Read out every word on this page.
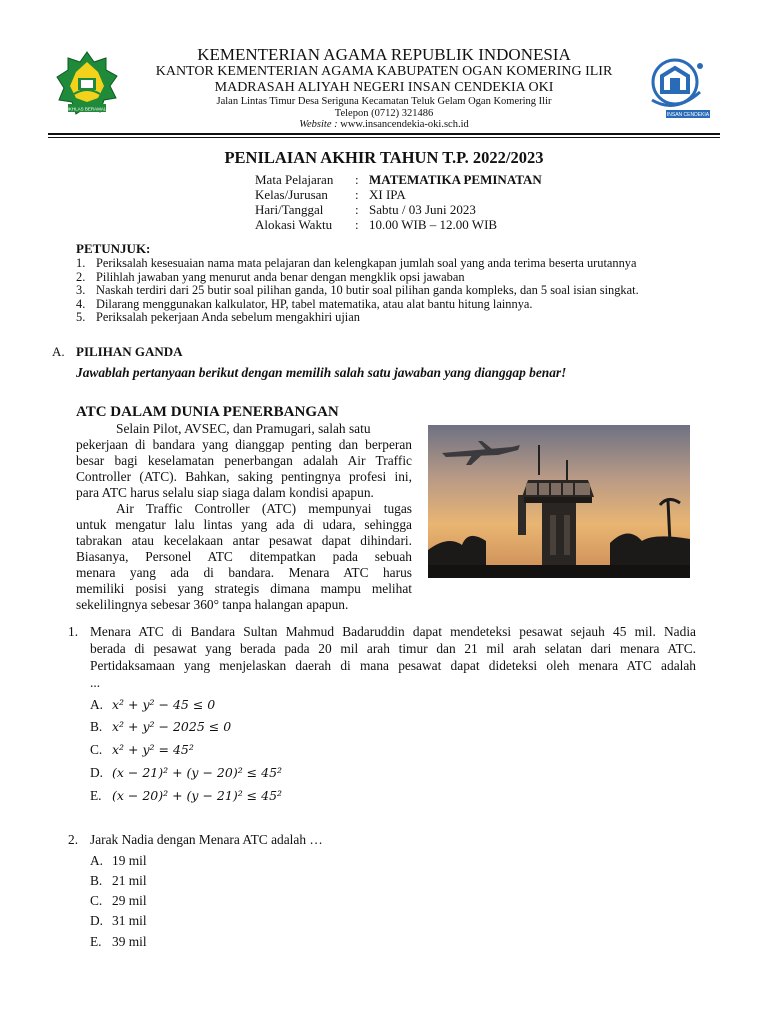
IKHLAS BERAMAL
INSAN CENDEKIA
KEMENTERIAN AGAMA REPUBLIK INDONESIA
KANTOR KEMENTERIAN AGAMA KABUPATEN OGAN KOMERING ILIR
MADRASAH ALIYAH NEGERI INSAN CENDEKIA OKI
Jalan Lintas Timur Desa Seriguna Kecamatan Teluk Gelam Ogan Komering Ilir
Telepon (0712) 321486
Website : www.insancendekia-oki.sch.id
PENILAIAN AKHIR TAHUN T.P. 2022/2023
Mata Pelajaran	: MATEMATIKA PEMINATAN
Kelas/Jurusan	: XI IPA
Hari/Tanggal	: Sabtu / 03 Juni 2023
Alokasi Waktu	: 10.00 WIB – 12.00 WIB
PETUNJUK:
1. Periksalah kesesuaian nama mata pelajaran dan kelengkapan jumlah soal yang anda terima beserta urutannya
2. Pilihlah jawaban yang menurut anda benar dengan mengklik opsi jawaban
3. Naskah terdiri dari 25 butir soal pilihan ganda, 10 butir soal pilihan ganda kompleks, dan 5 soal isian singkat.
4. Dilarang menggunakan kalkulator, HP, tabel matematika, atau alat bantu hitung lainnya.
5. Periksalah pekerjaan Anda sebelum mengakhiri ujian
A. PILIHAN GANDA
Jawablah pertanyaan berikut dengan memilih salah satu jawaban yang dianggap benar!
ATC DALAM DUNIA PENERBANGAN
Selain Pilot, AVSEC, dan Pramugari, salah satu
pekerjaan di bandara yang dianggap penting dan berperan
besar bagi keselamatan penerbangan adalah Air Traffic
Controller (ATC). Bahkan, saking pentingnya profesi ini,
para ATC harus selalu siap siaga dalam kondisi apapun.
Air Traffic Controller (ATC) mempunyai tugas
untuk mengatur lalu lintas yang ada di udara, sehingga
tabrakan atau kecelakaan antar pesawat dapat dihindari.
Biasanya, Personel ATC ditempatkan pada sebuah
menara yang ada di bandara. Menara ATC harus
memiliki posisi yang strategis dimana mampu melihat
sekelilingnya sebesar 360° tanpa halangan apapun.
1. Menara ATC di Bandara Sultan Mahmud Badaruddin dapat mendeteksi pesawat sejauh 45 mil. Nadia
berada di pesawat yang berada pada 20 mil arah timur dan 21 mil arah selatan dari menara ATC.
Pertidaksamaan yang menjelaskan daerah di mana pesawat dapat dideteksi oleh menara ATC adalah
...
A. x² + y² − 45 ≤ 0
B. x² + y² − 2025 ≤ 0
C. x² + y² = 45²
D. (x − 21)² + (y − 20)² ≤ 45²
E. (x − 20)² + (y − 21)² ≤ 45²
2. Jarak Nadia dengan Menara ATC adalah …
A. 19 mil
B. 21 mil
C. 29 mil
D. 31 mil
E. 39 mil
